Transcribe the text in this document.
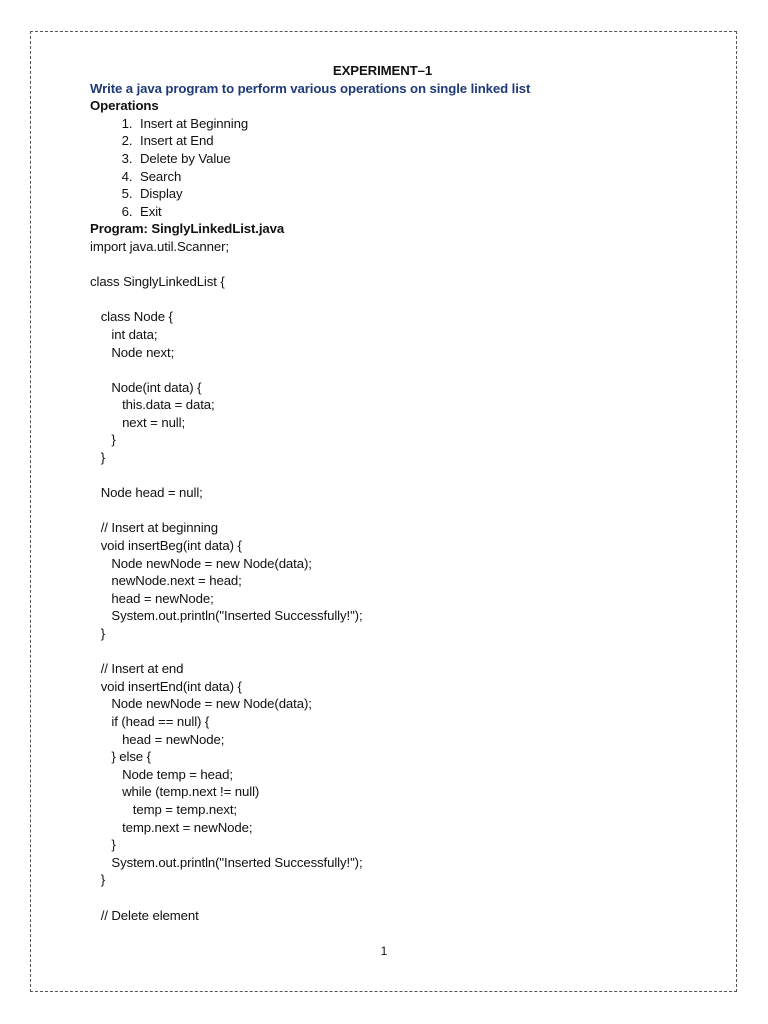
EXPERIMENT–1

Write a java program to perform various operations on single linked list

Operations

1. Insert at Beginning
2. Insert at End
3. Delete by Value
4. Search
5. Display
6. Exit

Program: SinglyLinkedList.java

import java.util.Scanner;

class SinglyLinkedList {

class Node {
int data;
Node next;

Node(int data) {
this.data = data;
next = null;
}
}

Node head = null;

// Insert at beginning
void insertBeg(int data) {
Node newNode = new Node(data);
newNode.next = head;
head = newNode;
System.out.println("Inserted Successfully!");
}

// Insert at end
void insertEnd(int data) {
Node newNode = new Node(data);
if (head == null) {
head = newNode;
} else {
Node temp = head;
while (temp.next != null)
temp = temp.next;
temp.next = newNode;
}
System.out.println("Inserted Successfully!");
}

// Delete element
1
